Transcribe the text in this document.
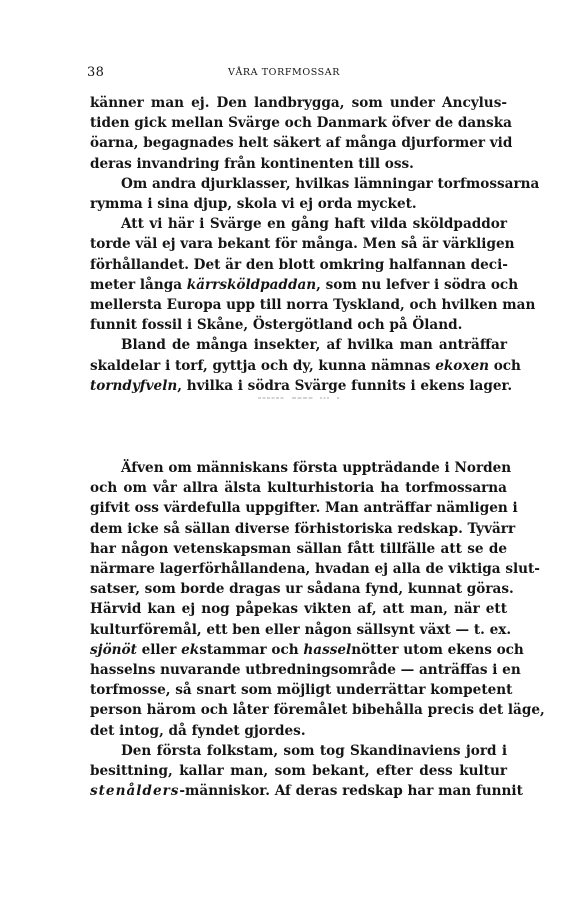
38	VÅRA TORFMOSSAR
känner man ej. Den landbrygga, som under Ancylus-
tiden gick mellan Svärge och Danmark öfver de danska
öarna, begagnades helt säkert af många djurformer vid
deras invandring från kontinenten till oss.
Om andra djurklasser, hvilkas lämningar torfmossarna
rymma i sina djup, skola vi ej orda mycket.
Att vi här i Svärge en gång haft vilda sköldpaddor
torde väl ej vara bekant för många. Men så är värkligen
förhållandet. Det är den blott omkring halfannan deci-
meter långa kärrsköldpaddan, som nu lefver i södra och
mellersta Europa upp till norra Tyskland, och hvilken man
funnit fossil i Skåne, Östergötland och på Öland.
Bland de många insekter, af hvilka man anträffar
skaldelar i torf, gyttja och dy, kunna nämnas ekoxen och
torndyfveln, hvilka i södra Svärge funnits i ekens lager.
Äfven om människans första uppträdande i Norden
och om vår allra älsta kulturhistoria ha torfmossarna
gifvit oss värdefulla uppgifter. Man anträffar nämligen i
dem icke så sällan diverse förhistoriska redskap. Tyvärr
har någon vetenskapsman sällan fått tillfälle att se de
närmare lagerförhållandena, hvadan ej alla de viktiga slut-
satser, som borde dragas ur sådana fynd, kunnat göras.
Härvid kan ej nog påpekas vikten af, att man, när ett
kulturföremål, ett ben eller någon sällsynt växt — t. ex.
sjönöt eller ekstammar och hasselnötter utom ekens och
hasselns nuvarande utbredningsområde — anträffas i en
torfmosse, så snart som möjligt underrättar kompetent
person härom och låter föremålet bibehålla precis det läge,
det intog, då fyndet gjordes.
Den första folkstam, som tog Skandinaviens jord i
besittning, kallar man, som bekant, efter dess kultur
stenålders-människor. Af deras redskap har man funnit
